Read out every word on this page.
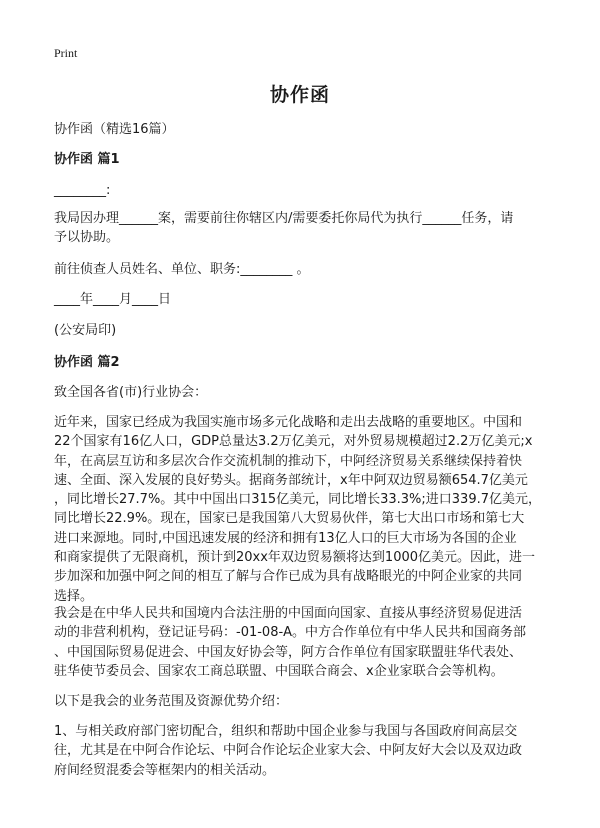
Print
协作函
协作函（精选16篇）
协作函 篇1
________:
我局因办理______案，需要前往你辖区内/需要委托你局代为执行______任务，请
予以协助。
前往侦查人员姓名、单位、职务:________ 。
____年____月____日
(公安局印)
协作函 篇2
致全国各省(市)行业协会：
近年来，国家已经成为我国实施市场多元化战略和走出去战略的重要地区。中国和
22个国家有16亿人口，GDP总量达3.2万亿美元，对外贸易规模超过2.2万亿美元;x
年，在高层互访和多层次合作交流机制的推动下，中阿经济贸易关系继续保持着快
速、全面、深入发展的良好势头。据商务部统计，x年中阿双边贸易额654.7亿美元
，同比增长27.7%。其中中国出口315亿美元，同比增长33.3%;进口339.7亿美元，
同比增长22.9%。现在，国家已是我国第八大贸易伙伴，第七大出口市场和第七大
进口来源地。同时,中国迅速发展的经济和拥有13亿人口的巨大市场为各国的企业
和商家提供了无限商机，预计到20xx年双边贸易额将达到1000亿美元。因此，进一
步加深和加强中阿之间的相互了解与合作已成为具有战略眼光的中阿企业家的共同
选择。
我会是在中华人民共和国境内合法注册的中国面向国家、直接从事经济贸易促进活
动的非营利机构，登记证号码：-01-08-A。中方合作单位有中华人民共和国商务部
、中国国际贸易促进会、中国友好协会等，阿方合作单位有国家联盟驻华代表处、
驻华使节委员会、国家农工商总联盟、中国联合商会、x企业家联合会等机构。
以下是我会的业务范围及资源优势介绍：
1、与相关政府部门密切配合，组织和帮助中国企业参与我国与各国政府间高层交
往，尤其是在中阿合作论坛、中阿合作论坛企业家大会、中阿友好大会以及双边政
府间经贸混委会等框架内的相关活动。
